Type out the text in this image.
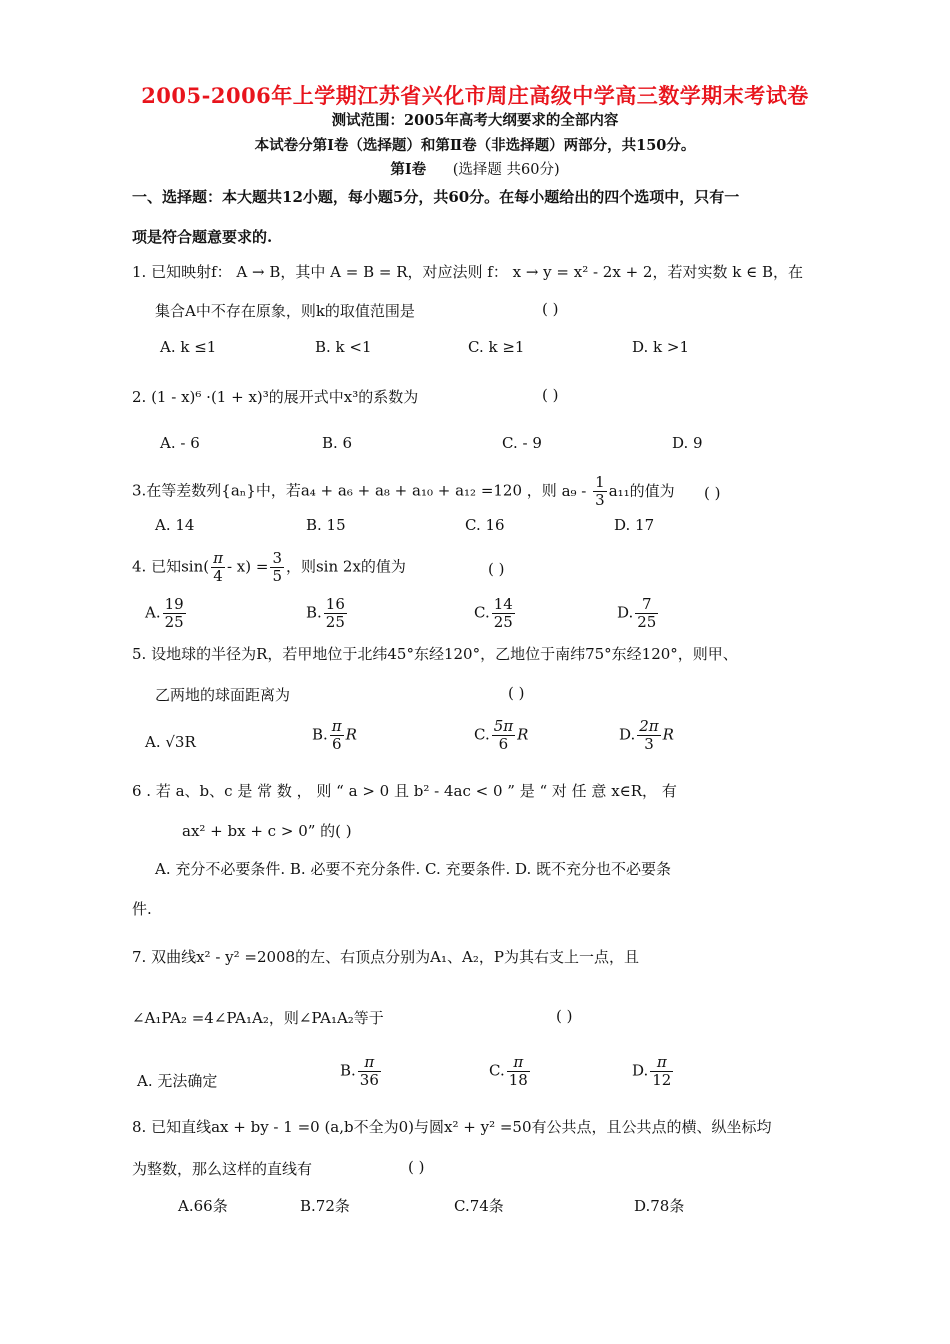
2005-2006年上学期江苏省兴化市周庄高级中学高三数学期末考试卷
测试范围：2005年高考大纲要求的全部内容
本试卷分第Ⅰ卷（选择题）和第Ⅱ卷（非选择题）两部分，共150分。
第Ⅰ卷 (选择题 共60分)
一、选择题：本大题共12小题，每小题5分，共60分。在每小题给出的四个选项中，只有一
项是符合题意要求的.
1. 已知映射f： A → B，其中 A = B = R，对应法则 f： x → y = x² - 2x + 2，若对实数 k ∈ B，在
集合A中不存在原象，则k的取值范围是	( )
A. k ≤1	B. k <1	C. k ≥1	D. k >1
2. (1 - x)⁶ ·(1 + x)³的展开式中x³的系数为	( )
A. - 6	B. 6	C. - 9	D. 9
3.在等差数列{aₙ}中，若a₄ + a₆ + a₈ + a₁₀ + a₁₂ =120 ，则 $a_9 - \frac{1}{3} a_{11}$的值为 ( )
A. 14	B. 15	C. 16	D. 17
4. 已知$\sin( \frac{\pi}{4} - x) = \frac{3}{5}$ ，则sin 2x的值为	( )
A. $\frac{19}{25}$	B. $\frac{16}{25}$	C. $\frac{14}{25}$	D. $\frac{7}{25}$
5. 设地球的半径为R，若甲地位于北纬45°东经120°，乙地位于南纬75°东经120°，则甲、
乙两地的球面距离为	( )
A. √3R	B. $\frac{\pi}{6}$ R	C. $\frac{5\pi}{6}$ R	D. $\frac{2\pi}{3}$ R
6 . 若 a、b、c 是 常 数 ， 则 “ a > 0 且 b² - 4ac < 0 ” 是 “ 对 任 意 x∈R， 有
ax² + bx + c > 0” 的( )
A. 充分不必要条件. B. 必要不充分条件. C. 充要条件. D. 既不充分也不必要条
件.
7. 双曲线x² - y² =2008的左、右顶点分别为A₁、A₂，P为其右支上一点，且
∠A₁PA₂ =4∠PA₁A₂，则∠PA₁A₂等于	( )
A. 无法确定
B. $\frac{\pi}{36}$	C. $\frac{\pi}{18}$	D. $\frac{\pi}{12}$
8. 已知直线ax + by - 1 =0 (a,b不全为0)与圆x² + y² =50有公共点，且公共点的横、纵坐标均
为整数，那么这样的直线有	( )
A.66条	B.72条	C.74条	D.78条
